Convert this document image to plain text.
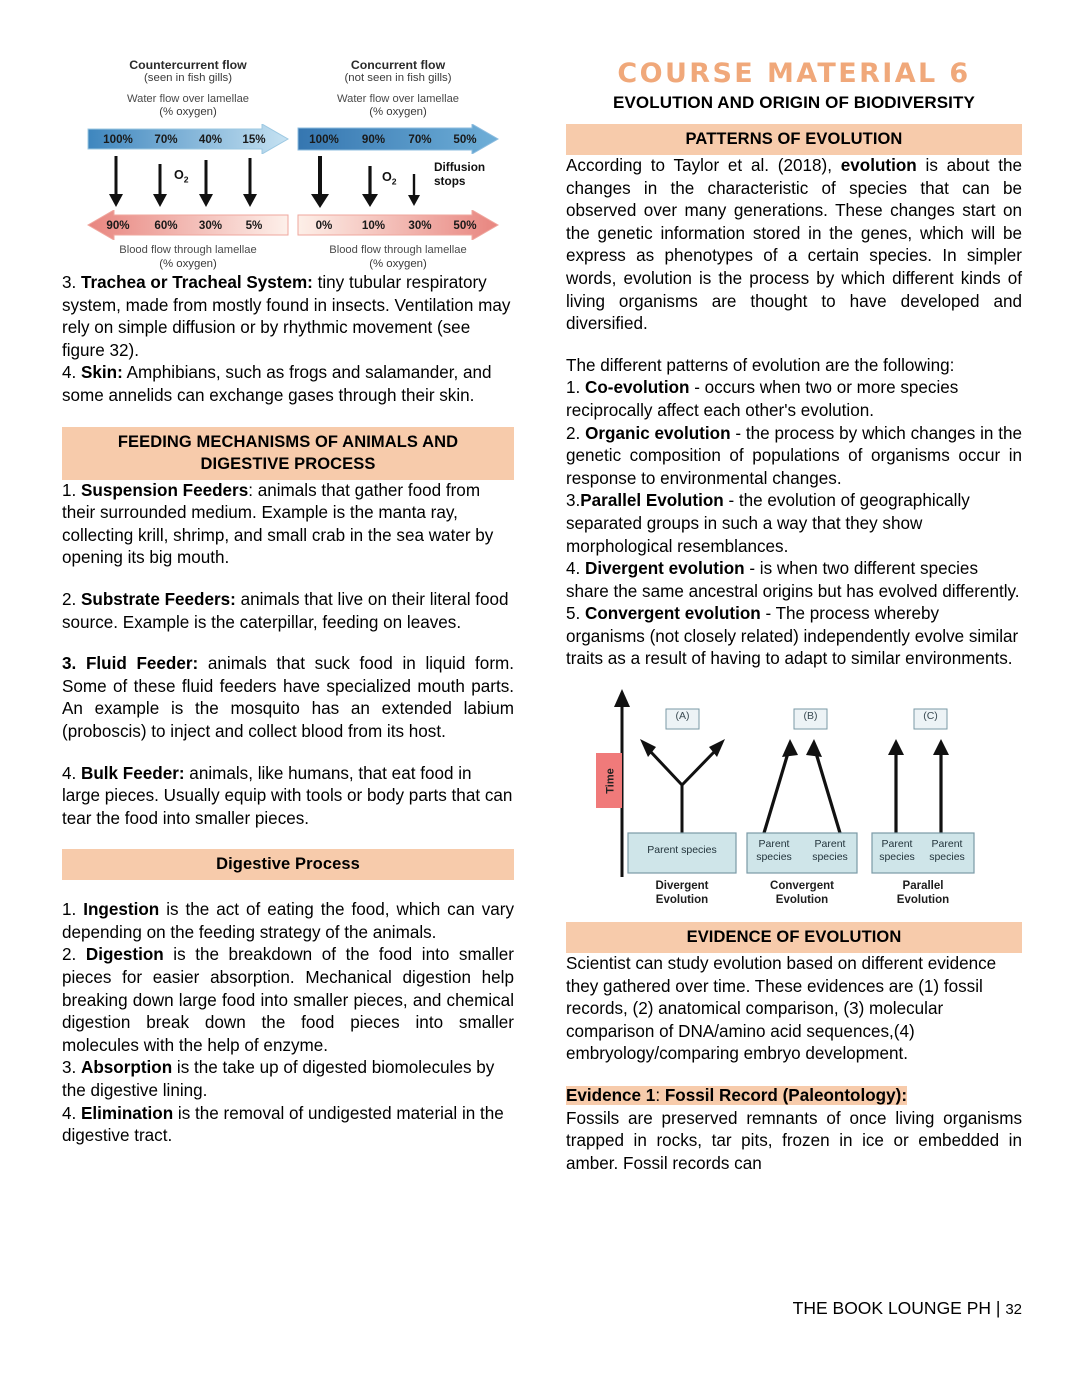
Countercurrent flow
(seen in fish gills)
Water flow over lamellae
(% oxygen)
100%	70%	40%	15%
$O_2$
90%	60%	30%	5%
Blood flow through lamellae
(% oxygen)
Concurrent flow
(not seen in fish gills)
Water flow over lamellae
(% oxygen)
100%	90%	70%	50%
$O_2$
Diffusion
stops
0%	10%	30%	50%
Blood flow through lamellae
(% oxygen)

3. Trachea or Tracheal System: tiny tubular respiratory system, made from mostly found in insects. Ventilation may rely on simple diffusion or by rhythmic movement (see figure 32).

4. Skin: Amphibians, such as frogs and salamander, and some annelids can exchange gases through their skin.

FEEDING MECHANISMS OF ANIMALS AND
DIGESTIVE PROCESS

1. Suspension Feeders: animals that gather food from their surrounded medium. Example is the manta ray, collecting krill, shrimp, and small crab in the sea water by opening its big mouth.

2. Substrate Feeders: animals that live on their literal food source. Example is the caterpillar, feeding on leaves.

3. Fluid Feeder: animals that suck food in liquid form. Some of these fluid feeders have specialized mouth parts. An example is the mosquito has an extended labium (proboscis) to inject and collect blood from its host.

4. Bulk Feeder: animals, like humans, that eat food in large pieces. Usually equip with tools or body parts that can tear the food into smaller pieces.

Digestive Process

1. Ingestion is the act of eating the food, which can vary depending on the feeding strategy of the animals.

2. Digestion is the breakdown of the food into smaller pieces for easier absorption. Mechanical digestion help breaking down large food into smaller pieces, and chemical digestion break down the food pieces into smaller molecules with the help of enzyme.

3. Absorption is the take up of digested biomolecules by the digestive lining.

4. Elimination is the removal of undigested material in the digestive tract.

COURSE MATERIAL 6
EVOLUTION AND ORIGIN OF BIODIVERSITY
PATTERNS OF EVOLUTION

According to Taylor et al. (2018), evolution is about the changes in the characteristic of species that can be observed over many generations. These changes start on the genetic information stored in the genes, which will be express as phenotypes of a certain species. In simpler words, evolution is the process by which different kinds of living organisms are thought to have developed and diversified.

The different patterns of evolution are the following:

1. Co-evolution - occurs when two or more species reciprocally affect each other's evolution.

2. Organic evolution - the process by which changes in the genetic composition of populations of organisms occur in response to environmental changes.

3.Parallel Evolution - the evolution of geographically separated groups in such a way that they show morphological resemblances.

4. Divergent evolution - is when two different species share the same ancestral origins but has evolved differently.

5. Convergent evolution - The process whereby organisms (not closely related) independently evolve similar traits as a result of having to adapt to similar environments.

Time
(A)	(B)	(C)
Parent species	Parent
species
Parent
species
Parent
species
Parent
species
Divergent
Evolution
Convergent
Evolution
Parallel
Evolution
EVIDENCE OF EVOLUTION

Scientist can study evolution based on different evidence they gathered over time. These evidences are (1) fossil records, (2) anatomical comparison, (3) molecular comparison of DNA/amino acid sequences,(4) embryology/comparing embryo development.

Evidence 1: Fossil Record (Paleontology):

Fossils are preserved remnants of once living organisms trapped in rocks, tar pits, frozen in ice or embedded in amber. Fossil records can

THE BOOK LOUNGE PH | 32
